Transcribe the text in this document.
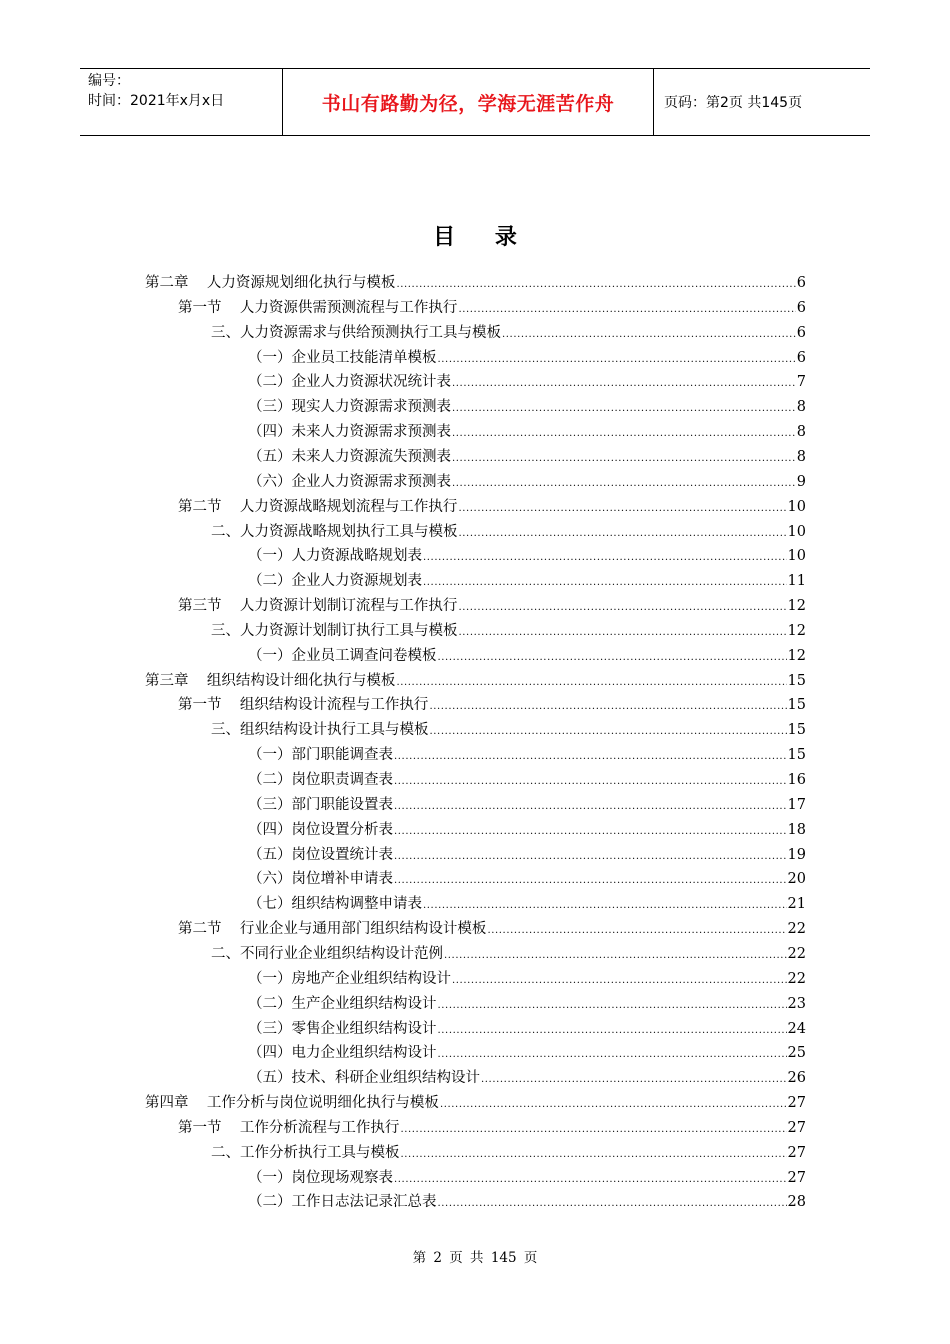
编号：
时间：2021年x月x日	书山有路勤为径，学海无涯苦作舟	页码：第2页 共145页
目 录
第二章    人力资源规划细化执行与模板 .....	6
第一节    人力资源供需预测流程与工作执行 .....	6
三、人力资源需求与供给预测执行工具与模板 .....	6
（一）企业员工技能清单模板 .....	6
（二）企业人力资源状况统计表 .....	7
（三）现实人力资源需求预测表 .....	8
（四）未来人力资源需求预测表 .....	8
（五）未来人力资源流失预测表 .....	8
（六）企业人力资源需求预测表 .....	9
第二节    人力资源战略规划流程与工作执行 .....	10
二、人力资源战略规划执行工具与模板 .....	10
（一）人力资源战略规划表 .....	10
（二）企业人力资源规划表 .....	11
第三节    人力资源计划制订流程与工作执行 .....	12
三、人力资源计划制订执行工具与模板 .....	12
（一）企业员工调查问卷模板 .....	12
第三章    组织结构设计细化执行与模板 .....	15
第一节    组织结构设计流程与工作执行 .....	15
三、组织结构设计执行工具与模板 .....	15
（一）部门职能调查表 .....	15
（二）岗位职责调查表 .....	16
（三）部门职能设置表 .....	17
（四）岗位设置分析表 .....	18
（五）岗位设置统计表 .....	19
（六）岗位增补申请表 .....	20
（七）组织结构调整申请表 .....	21
第二节    行业企业与通用部门组织结构设计模板 .....	22
二、不同行业企业组织结构设计范例 .....	22
（一）房地产企业组织结构设计 .....	22
（二）生产企业组织结构设计 .....	23
（三）零售企业组织结构设计 .....	24
（四）电力企业组织结构设计 .....	25
（五）技术、科研企业组织结构设计 .....	26
第四章    工作分析与岗位说明细化执行与模板 .....	27
第一节    工作分析流程与工作执行 .....	27
二、工作分析执行工具与模板 .....	27
（一）岗位现场观察表 .....	27
（二）工作日志法记录汇总表 .....	28
第 2 页 共 145 页
